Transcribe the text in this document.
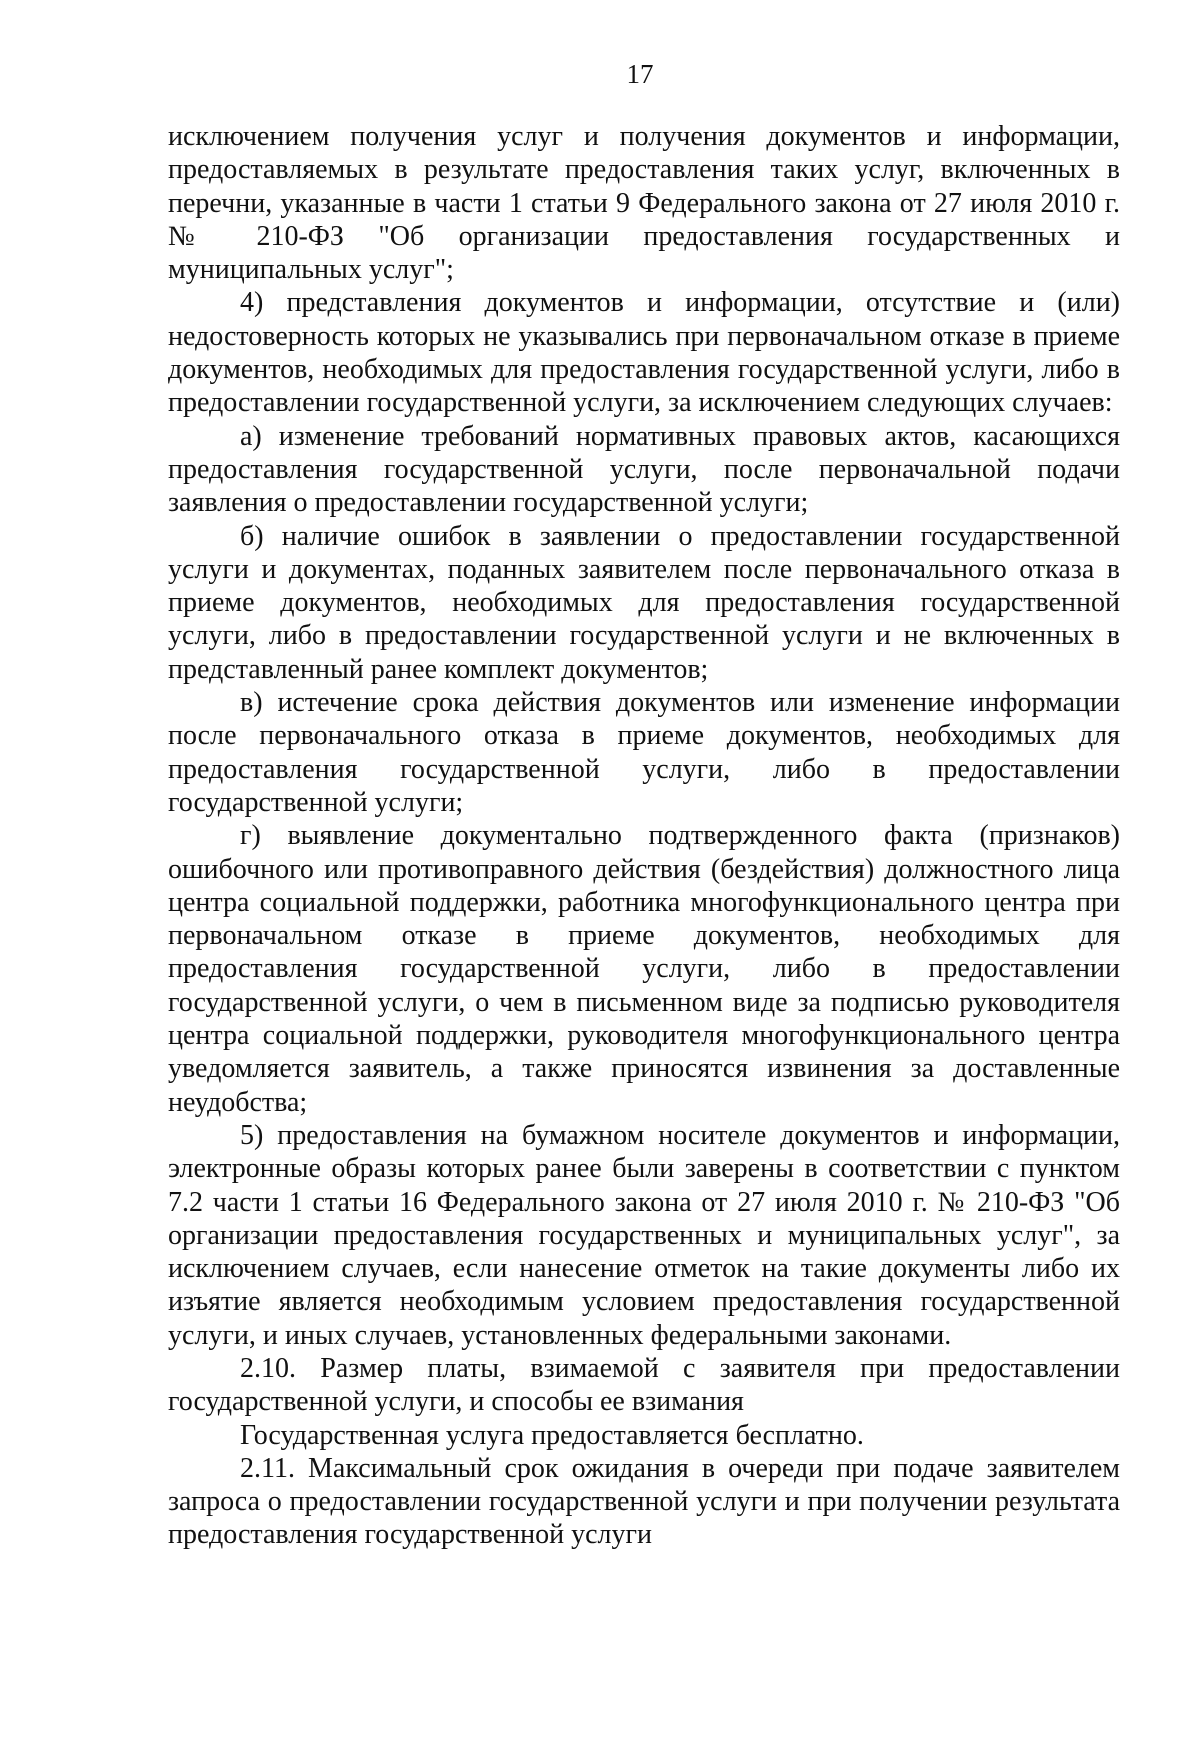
17

исключением получения услуг и получения документов и информации, предоставляемых в результате предоставления таких услуг, включенных в перечни, указанные в части 1 статьи 9 Федерального закона от 27 июля 2010 г. № 210-ФЗ "Об организации предоставления государственных и муниципальных услуг";

4) представления документов и информации, отсутствие и (или) недостоверность которых не указывались при первоначальном отказе в приеме документов, необходимых для предоставления государственной услуги, либо в предоставлении государственной услуги, за исключением следующих случаев:

а) изменение требований нормативных правовых актов, касающихся предоставления государственной услуги, после первоначальной подачи заявления о предоставлении государственной услуги;

б) наличие ошибок в заявлении о предоставлении государственной услуги и документах, поданных заявителем после первоначального отказа в приеме документов, необходимых для предоставления государственной услуги, либо в предоставлении государственной услуги и не включенных в представленный ранее комплект документов;

в) истечение срока действия документов или изменение информации после первоначального отказа в приеме документов, необходимых для предоставления государственной услуги, либо в предоставлении государственной услуги;

г) выявление документально подтвержденного факта (признаков) ошибочного или противоправного действия (бездействия) должностного лица центра социальной поддержки, работника многофункционального центра при первоначальном отказе в приеме документов, необходимых для предоставления государственной услуги, либо в предоставлении государственной услуги, о чем в письменном виде за подписью руководителя центра социальной поддержки, руководителя многофункционального центра уведомляется заявитель, а также приносятся извинения за доставленные неудобства;

5) предоставления на бумажном носителе документов и информации, электронные образы которых ранее были заверены в соответствии с пунктом 7.2 части 1 статьи 16 Федерального закона от 27 июля 2010 г. № 210-ФЗ "Об организации предоставления государственных и муниципальных услуг", за исключением случаев, если нанесение отметок на такие документы либо их изъятие является необходимым условием предоставления государственной услуги, и иных случаев, установленных федеральными законами.

2.10. Размер платы, взимаемой с заявителя при предоставлении государственной услуги, и способы ее взимания

Государственная услуга предоставляется бесплатно.

2.11. Максимальный срок ожидания в очереди при подаче заявителем запроса о предоставлении государственной услуги и при получении результата предоставления государственной услуги
